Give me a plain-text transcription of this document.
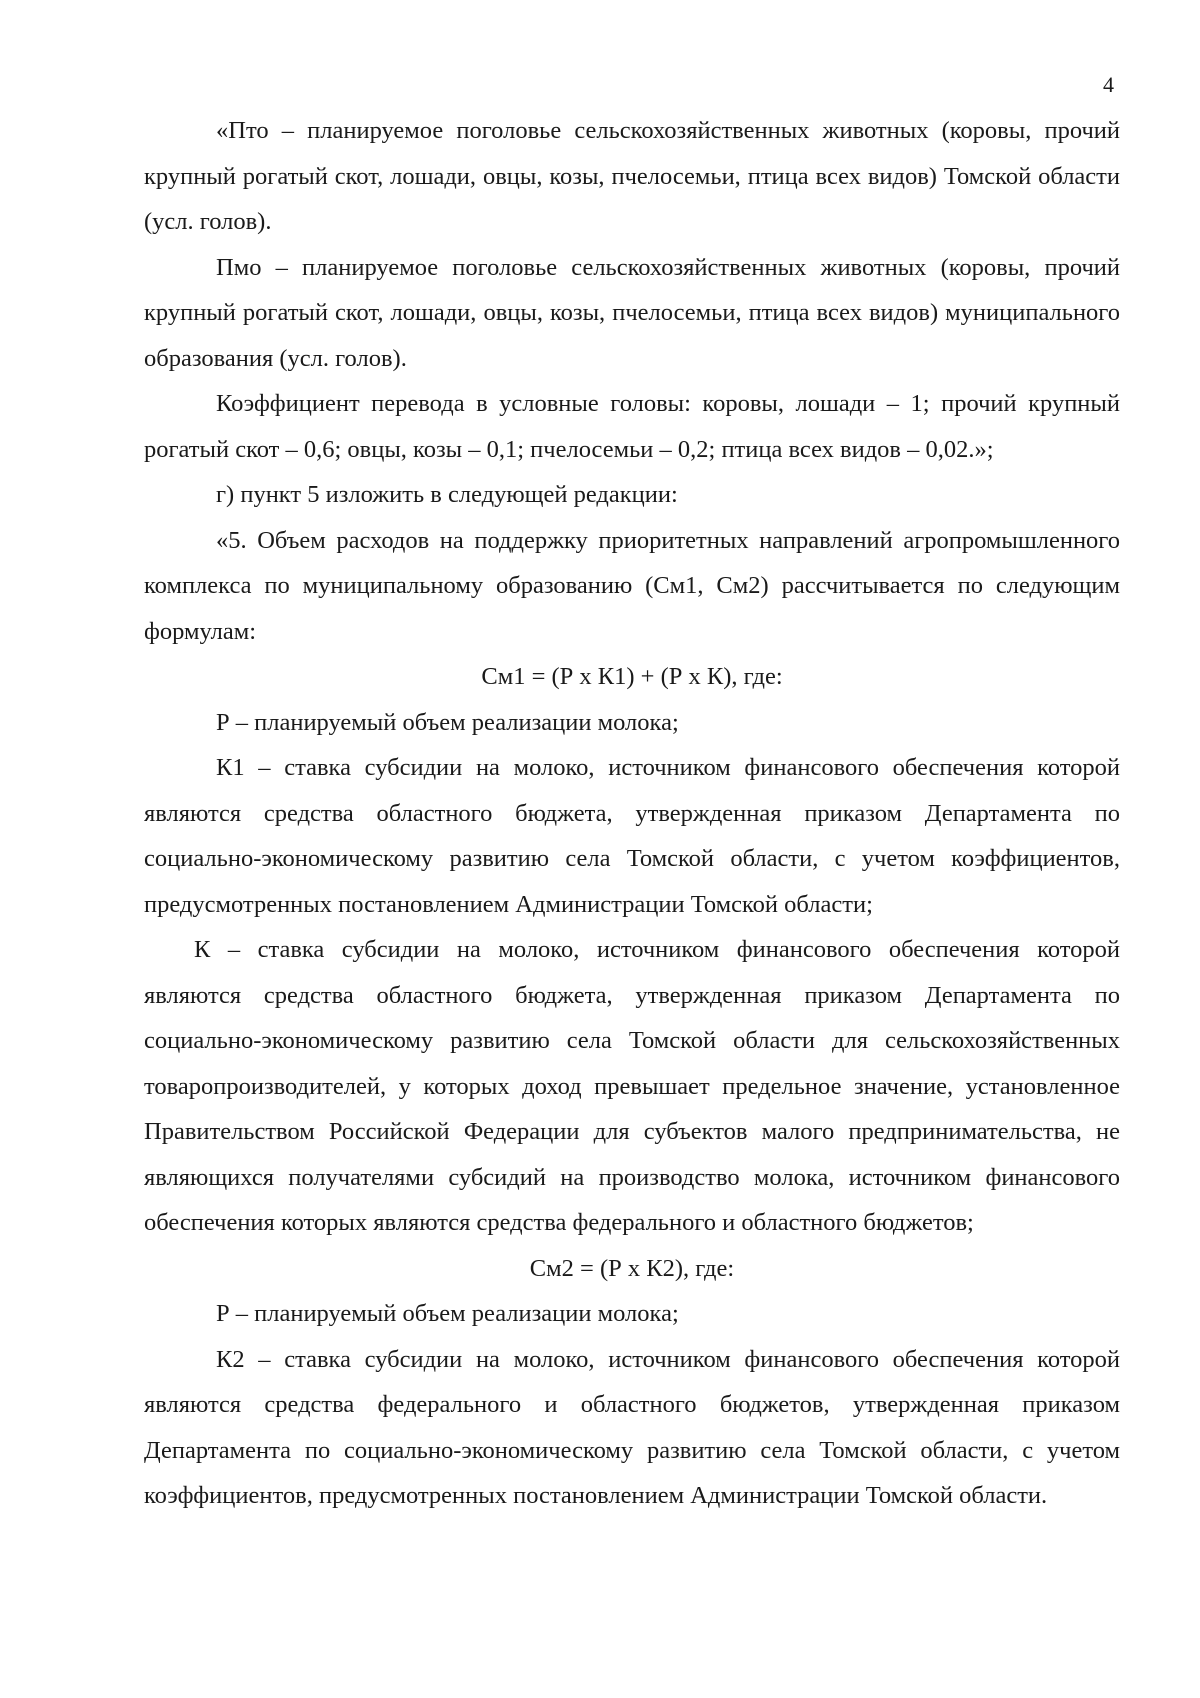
4

«Пто – планируемое поголовье сельскохозяйственных животных (коровы, прочий крупный рогатый скот, лошади, овцы, козы, пчелосемьи, птица всех видов) Томской области (усл. голов).

Пмо – планируемое поголовье сельскохозяйственных животных (коровы, прочий крупный рогатый скот, лошади, овцы, козы, пчелосемьи, птица всех видов) муниципального образования (усл. голов).

Коэффициент перевода в условные головы: коровы, лошади – 1; прочий крупный рогатый скот – 0,6; овцы, козы – 0,1; пчелосемьи – 0,2; птица всех видов – 0,02.»;

г) пункт 5 изложить в следующей редакции:

«5. Объем расходов на поддержку приоритетных направлений агропромышленного комплекса по муниципальному образованию (См1, См2) рассчитывается по следующим формулам:

См1 = (Р х К1) + (Р х К), где:

Р – планируемый объем реализации молока;

К1 – ставка субсидии на молоко, источником финансового обеспечения которой являются средства областного бюджета, утвержденная приказом Департамента по социально-экономическому развитию села Томской области, с учетом коэффициентов, предусмотренных постановлением Администрации Томской области;

К – ставка субсидии на молоко, источником финансового обеспечения которой являются средства областного бюджета, утвержденная приказом Департамента по социально-экономическому развитию села Томской области для сельскохозяйственных товаропроизводителей, у которых доход превышает предельное значение, установленное Правительством Российской Федерации для субъектов малого предпринимательства, не являющихся получателями субсидий на производство молока, источником финансового обеспечения которых являются средства федерального и областного бюджетов;

См2 = (Р х К2), где:

Р – планируемый объем реализации молока;

К2 – ставка субсидии на молоко, источником финансового обеспечения которой являются средства федерального и областного бюджетов, утвержденная приказом Департамента по социально-экономическому развитию села Томской области, с учетом коэффициентов, предусмотренных постановлением Администрации Томской области.
